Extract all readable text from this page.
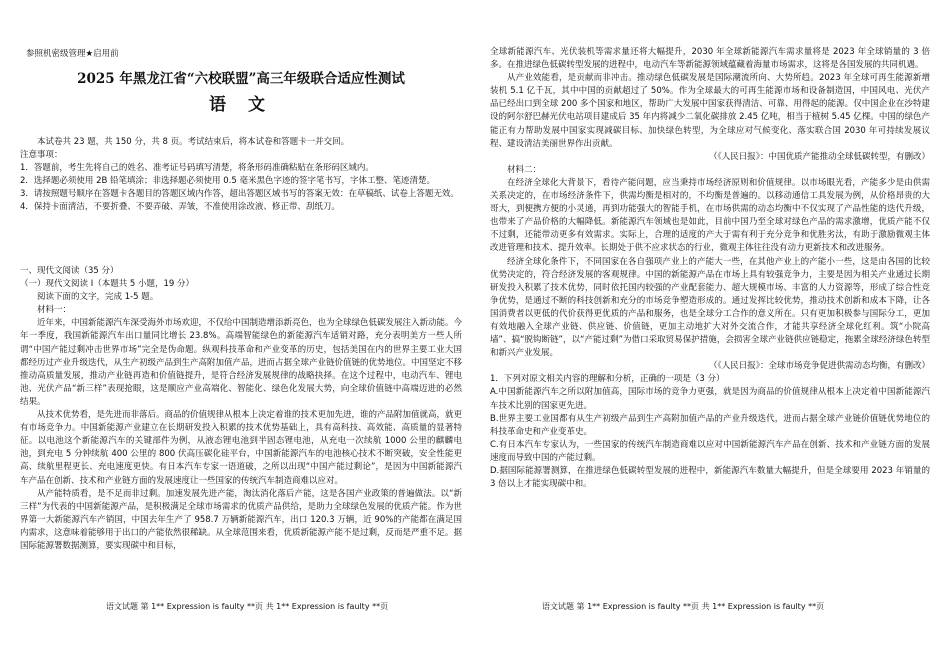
参照机密级管理★启用前
2025 年黑龙江省“六校联盟”高三年级联合适应性测试
语 文

本试卷共 23 题，共 150 分，共 8 页。考试结束后，将本试卷和答题卡一并交回。

注意事项：

1．答题前，考生先将自己的姓名、准考证号码填写清楚，将条形码准确粘贴在条形码区域内。

2．选择题必须使用 2B 铅笔填涂；非选择题必须使用 0.5 毫米黑色字迹的签字笔书写，字体工整、笔迹清楚。

3．请按照题号顺序在答题卡各题目的答题区域内作答，超出答题区域书写的答案无效：在草稿纸、试卷上答题无效。

4．保持卡面清洁，不要折叠、不要弄破、弄皱，不准使用涂改液、修正带、刮纸刀。

一、现代文阅读（35 分）

（一）现代文阅读 I（本题共 5 小题，19 分）

阅读下面的文字，完成 1-5 题。

材料一：

近年来，中国新能源汽车深受海外市场欢迎，不仅给中国制造增添新亮色，也为全球绿色低碳发展注入新动能。今年一季度，我国新能源汽车出口量同比增长 23.8%。高端智能绿色的新能源汽车适销对路，充分表明美方一些人所谓“中国产能过剩冲击世界市场”完全是伪命题。纵观科技革命和产业变革的历史，包括美国在内的世界主要工业大国都经历过产业升级迭代，从生产初级产品到生产高附加值产品，进而占据全球产业链价值链的优势地位。中国坚定不移推动高质量发展，推动产业链再造和价值链提升，是符合经济发展规律的战略抉择。在这个过程中，电动汽车、锂电池、光伏产品“新三样”表现抢眼，这是顺应产业高端化、智能化、绿色化发展大势，向全球价值链中高端迈进的必然结果。

从技术优势看，是先进而非落后。商品的价值规律从根本上决定着谁的技术更加先进，谁的产品附加值就高，就更有市场竞争力。中国新能源产业建立在长期研发投入积累的技术优势基础上，具有高科技、高效能、高质量的显著特征。以电池这个新能源汽车的关键部件为例，从液态锂电池到半固态锂电池，从充电一次续航 1000 公里的麒麟电池，到充电 5 分钟续航 400 公里的 800 伏高压碳化硅平台，中国新能源汽车的电池核心技术不断突破，安全性能更高、续航里程更长、充电速度更快。有日本汽车专家一语道破，之所以出现“中国产能过剩论”，是因为中国新能源汽车产品在创新、技术和产业链方面的发展速度让一些国家的传统汽车制造商难以应对。

从产能特质看，是不足而非过剩。加速发展先进产能，淘汰消化落后产能，这是各国产业政策的普遍做法。以“新三样”为代表的中国新能源产品，是积极满足全球市场需求的优质产品供给，是助力全球绿色发展的优质产能。作为世界第一大新能源汽车产销国，中国去年生产了 958.7 万辆新能源汽车，出口 120.3 万辆，近 90%的产能都在满足国内需求，这意味着能够用于出口的产能依然很稀缺。从全球范围来看，优质新能源产能不是过剩，反而是严重不足。据国际能源署数据测算，要实现碳中和目标，

语文试题 第 1** Expression is faulty **页 共 1** Expression is faulty **页

全球新能源汽车、光伏装机等需求量还将大幅提升，2030 年全球新能源汽车需求量将是 2023 年全球销量的 3 倍多。在推进绿色低碳转型发展的进程中，电动汽车等新能源领域蕴藏着海量市场需求，这将是各国发展的共同机遇。

从产业效能看，是贡献而非冲击。推动绿色低碳发展是国际潮流所向、大势所趋。2023 年全球可再生能源新增装机 5.1 亿千瓦，其中中国的贡献超过了 50%。作为全球最大的可再生能源市场和设备制造国，中国风电、光伏产品已经出口到全球 200 多个国家和地区，帮助广大发展中国家获得清洁、可靠、用得起的能源。仅中国企业在沙特建设的阿尔舒巴赫光伏电站项目建成后 35 年内将减少二氧化碳排放 2.45 亿吨，相当于植树 5.45 亿棵。中国的绿色产能正有力帮助发展中国家实现减碳目标、加快绿色转型，为全球应对气候变化、落实联合国 2030 年可持续发展议程、建设清洁美丽世界作出贡献。

（《人民日报》：中国优质产能推动全球低碳转型，有删改）

材料二：

在经济全球化大背景下，看待产能问题，应当秉持市场经济原则和价值规律。以市场眼光看，产能多少是由供需关系决定的，在市场经济条件下，供需均衡是相对的，不均衡是普遍的。以移动通信工具发展为例，从价格昂贵的大哥大，到便携方便的小灵通，再到功能强大的智能手机，在市场供需的动态均衡中不仅实现了产品性能的迭代升级，也带来了产品价格的大幅降低。新能源汽车领域也是如此，目前中国乃至全球对绿色产品的需求激增，优质产能不仅不过剩，还能带动更多有效需求。实际上，合理的适度的产大于需有利于充分竞争和优胜劣汰，有助于激励微观主体改进管理和技术、提升效率。长期处于供不应求状态的行业，微观主体往往没有动力更新技术和改进服务。

经济全球化条件下，不同国家在各自强项产业上的产能大一些，在其他产业上的产能小一些，这是由各国的比较优势决定的，符合经济发展的客观规律。中国的新能源产品在市场上具有较强竞争力，主要是因为相关产业通过长期研发投入积累了技术优势，同时依托国内较强的产业配套能力、超大规模市场、丰富的人力资源等，形成了综合性竞争优势，是通过不断的科技创新和充分的市场竞争塑造形成的。通过发挥比较优势，推动技术创新和成本下降，让各国消费者以更低的代价获得更优质的产品和服务，也是全球分工合作的意义所在。只有更加积极参与国际分工，更加有效地融入全球产业链、供应链、价值链，更加主动地扩大对外交流合作，才能共享经济全球化红利。筑“小院高墙”、搞“脱钩断链”，以“产能过剩”为借口采取贸易保护措施，会损害全球产业链供应链稳定，拖累全球经济绿色转型和新兴产业发展。

（《人民日报》：全球市场竞争促进供需动态均衡，有删改）

1．下列对原文相关内容的理解和分析，正确的一项是（3 分）

A.中国新能源汽车之所以附加值高，国际市场的竞争力更强，就是因为商品的价值规律从根本上决定着中国新能源汽车技术比别的国家更先进。

B.世界主要工业国都有从生产初级产品到生产高附加值产品的产业升级迭代，进而占据全球产业链价值链优势地位的科技革命史和产业变革史。

C.有日本汽车专家认为，一些国家的传统汽车制造商难以应对中国新能源汽车产品在创新、技术和产业链方面的发展速度而导致中国的产能过剩。

D.据国际能源署测算，在推进绿色低碳转型发展的进程中，新能源汽车数量大幅提升，但是全球要用 2023 年销量的 3 倍以上才能实现碳中和。

语文试题 第 1** Expression is faulty **页 共 1** Expression is faulty **页
